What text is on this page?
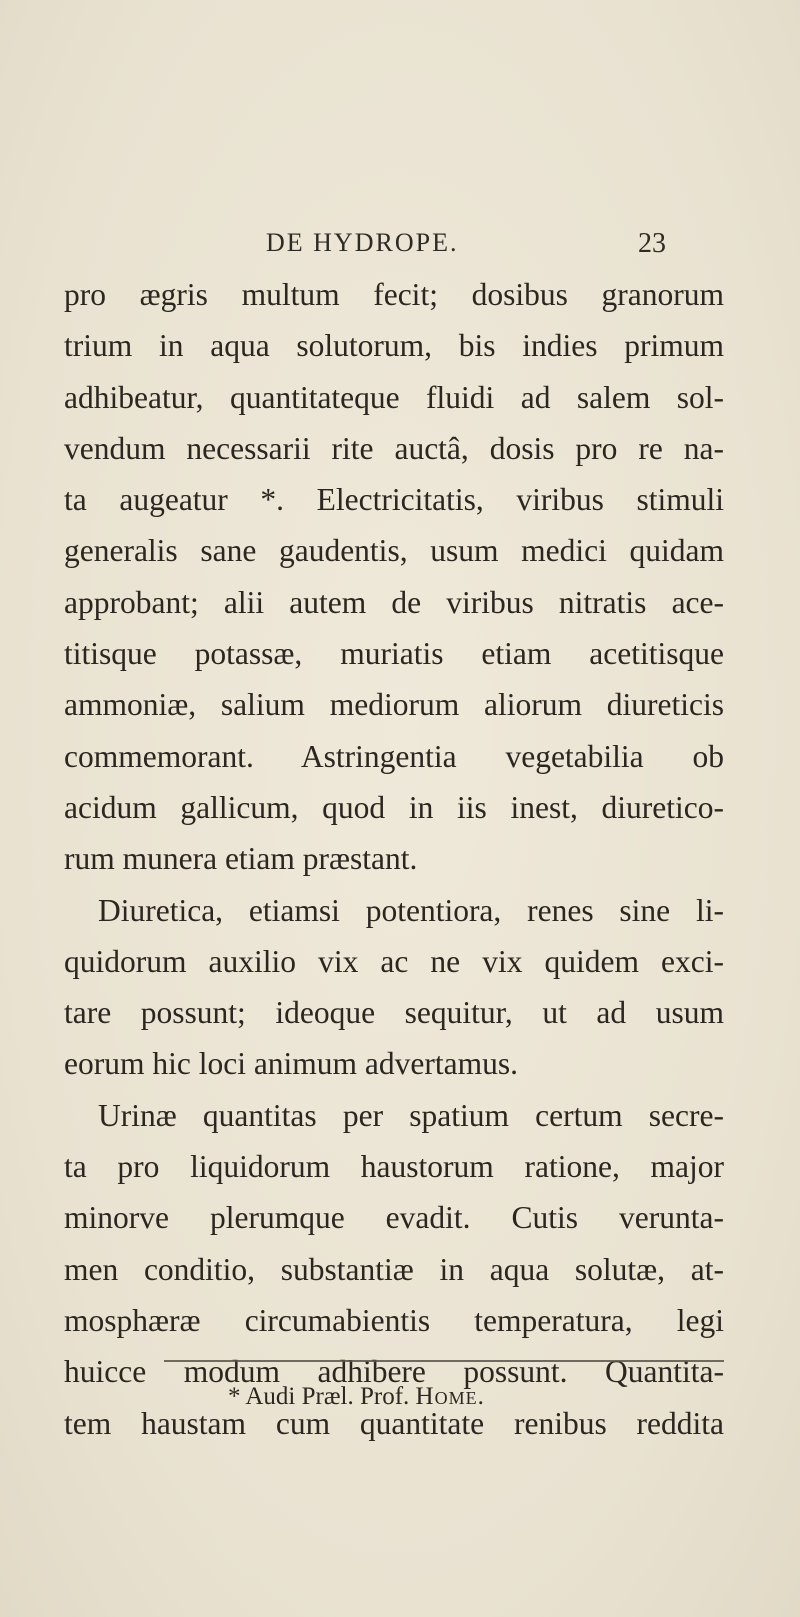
DE HYDROPE.	23
pro ægris multum fecit; dosibus granorum
trium in aqua solutorum, bis indies primum
adhibeatur, quantitateque fluidi ad salem sol-
vendum necessarii rite auctâ, dosis pro re na-
ta augeatur *. Electricitatis, viribus stimuli
generalis sane gaudentis, usum medici quidam
approbant; alii autem de viribus nitratis ace-
titisque potassæ, muriatis etiam acetitisque
ammoniæ, salium mediorum aliorum diureticis
commemorant. Astringentia vegetabilia ob
acidum gallicum, quod in iis inest, diuretico-
rum munera etiam præstant.
Diuretica, etiamsi potentiora, renes sine li-
quidorum auxilio vix ac ne vix quidem exci-
tare possunt; ideoque sequitur, ut ad usum
eorum hic loci animum advertamus.
Urinæ quantitas per spatium certum secre-
ta pro liquidorum haustorum ratione, major
minorve plerumque evadit. Cutis verunta-
men conditio, substantiæ in aqua solutæ, at-
mosphæræ circumabientis temperatura, legi
huicce modum adhibere possunt. Quantita-
tem haustam cum quantitate renibus reddita
* Audi Præl. Prof. Home.
